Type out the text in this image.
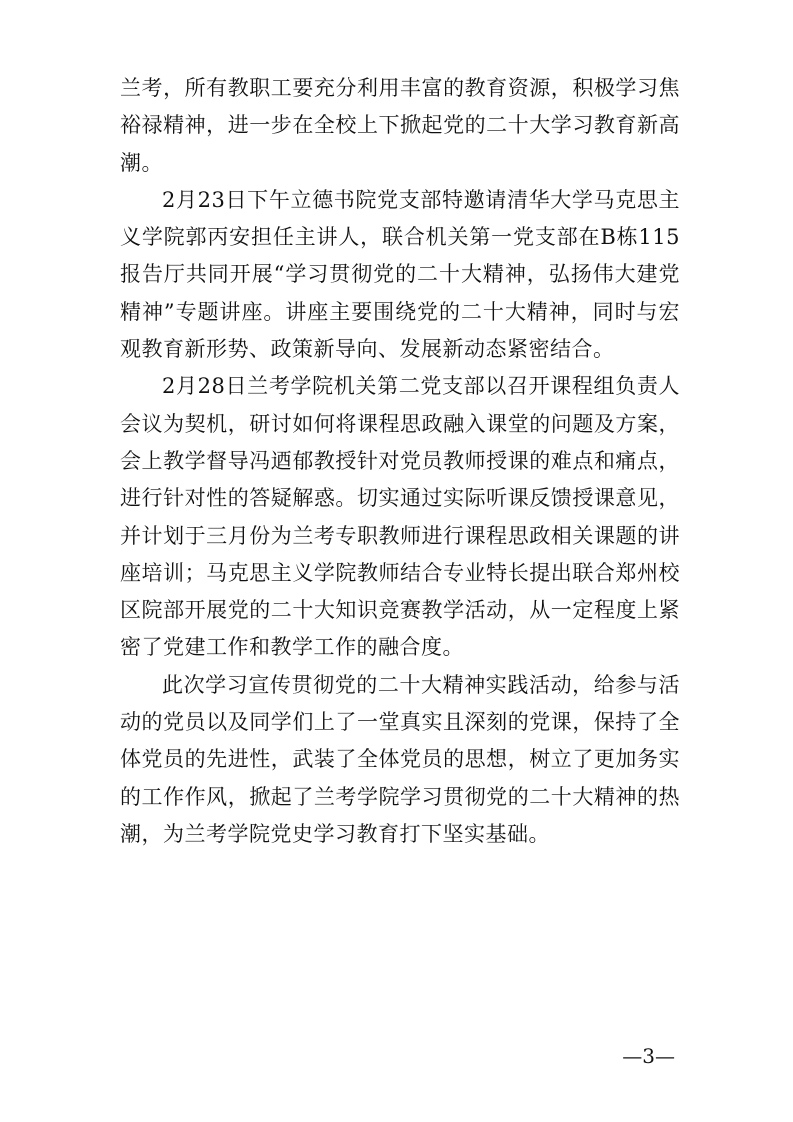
兰考，所有教职工要充分利用丰富的教育资源，积极学习焦裕禄精神，进一步在全校上下掀起党的二十大学习教育新高潮。

2月23日下午立德书院党支部特邀请清华大学马克思主义学院郭丙安担任主讲人，联合机关第一党支部在B栋115报告厅共同开展“学习贯彻党的二十大精神，弘扬伟大建党精神”专题讲座。讲座主要围绕党的二十大精神，同时与宏观教育新形势、政策新导向、发展新动态紧密结合。

2月28日兰考学院机关第二党支部以召开课程组负责人会议为契机，研讨如何将课程思政融入课堂的问题及方案，会上教学督导冯迺郁教授针对党员教师授课的难点和痛点，进行针对性的答疑解惑。切实通过实际听课反馈授课意见，并计划于三月份为兰考专职教师进行课程思政相关课题的讲座培训；马克思主义学院教师结合专业特长提出联合郑州校区院部开展党的二十大知识竞赛教学活动，从一定程度上紧密了党建工作和教学工作的融合度。

此次学习宣传贯彻党的二十大精神实践活动，给参与活动的党员以及同学们上了一堂真实且深刻的党课，保持了全体党员的先进性，武装了全体党员的思想，树立了更加务实的工作作风，掀起了兰考学院学习贯彻党的二十大精神的热潮，为兰考学院党史学习教育打下坚实基础。

—3—
